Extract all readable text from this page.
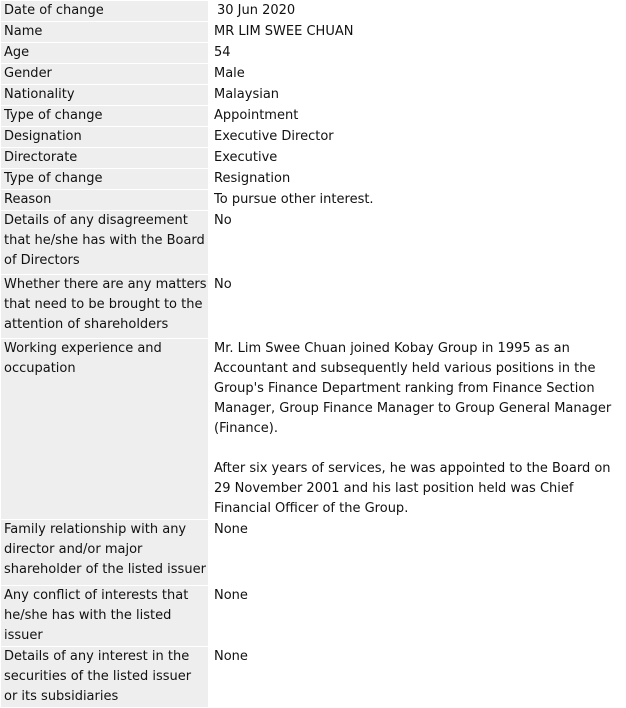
Date of change	30 Jun 2020
Name	MR LIM SWEE CHUAN
Age	54
Gender	Male
Nationality	Malaysian
Type of change	Appointment
Designation	Executive Director
Directorate	Executive
Type of change	Resignation
Reason	To pursue other interest.
Details of any disagreement that he/she has with the Board of Directors	No
Whether there are any matters that need to be brought to the attention of shareholders	No
Working experience and occupation	Mr. Lim Swee Chuan joined Kobay Group in 1995 as an Accountant and subsequently held various positions in the Group's Finance Department ranking from Finance Section Manager, Group Finance Manager to Group General Manager (Finance).
After six years of services, he was appointed to the Board on 29 November 2001 and his last position held was Chief Financial Officer of the Group.

Family relationship with any director and/or major shareholder of the listed issuer	None
Any conflict of interests that he/she has with the listed issuer	None
Details of any interest in the securities of the listed issuer or its subsidiaries	None
